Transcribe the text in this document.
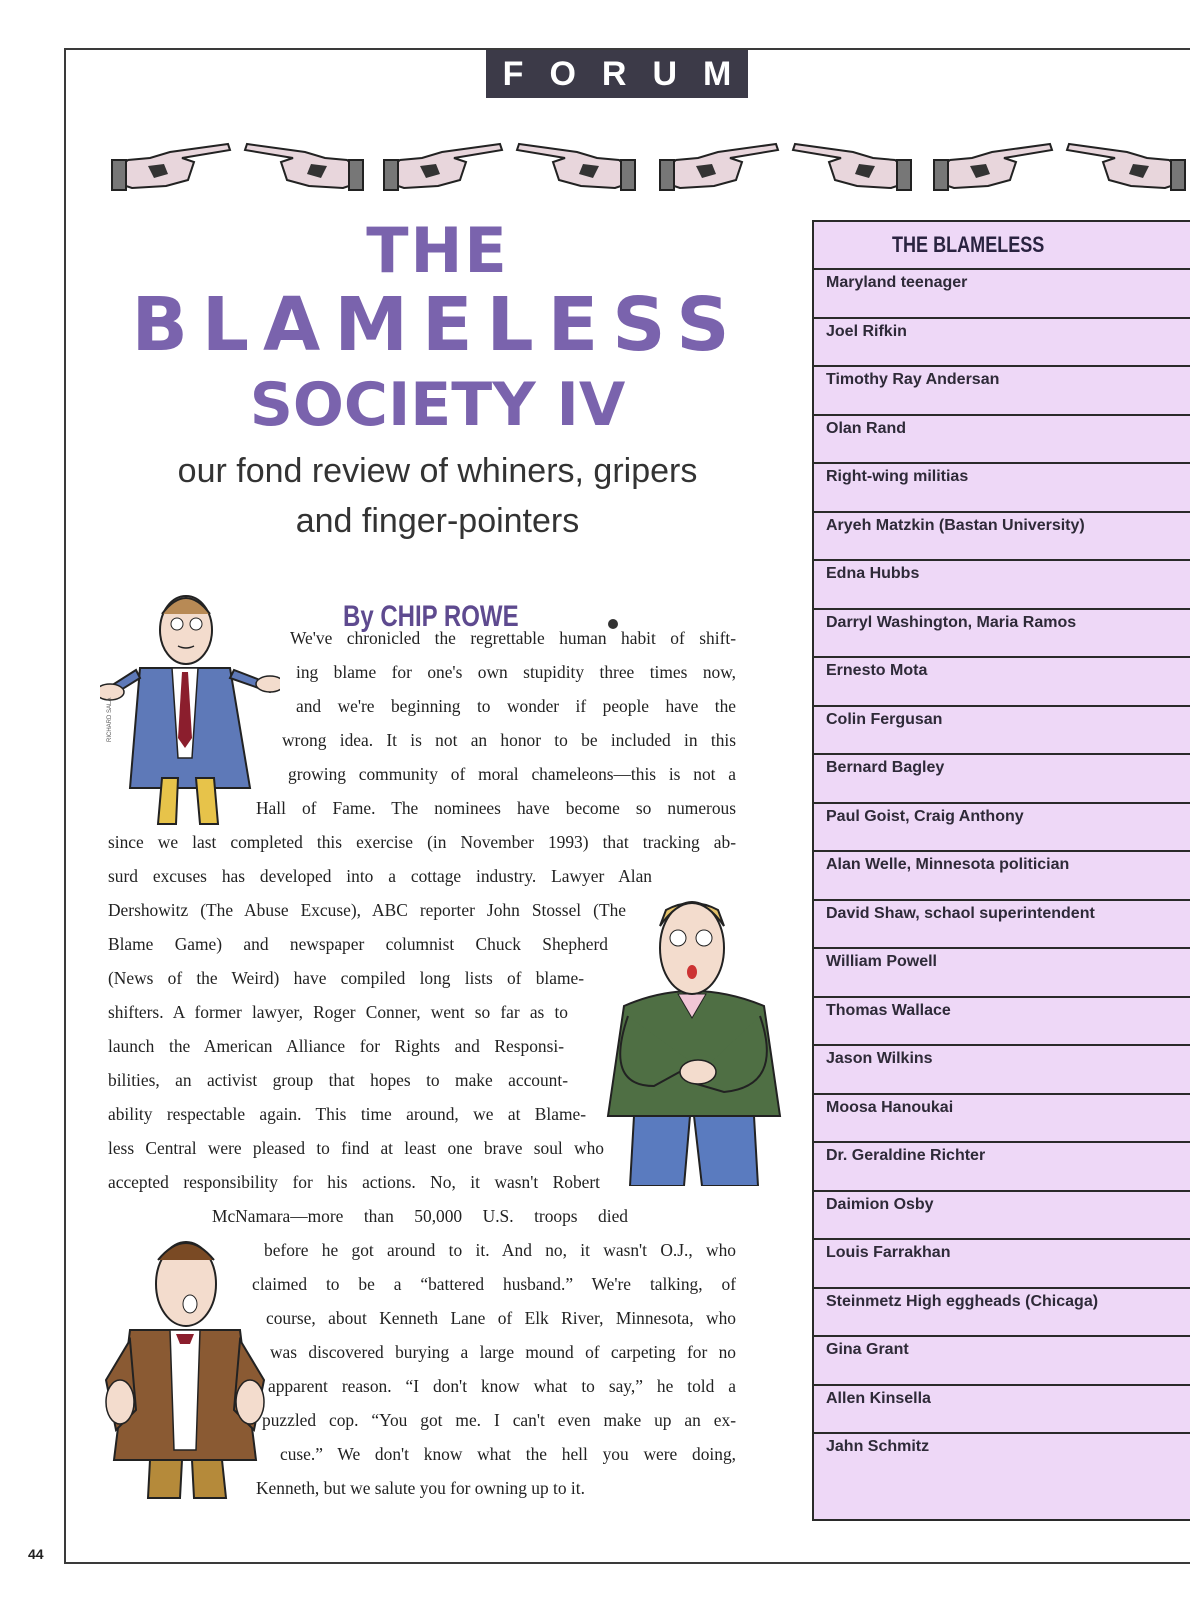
44
FORUM
THE
BLAMELESS
SOCIETY IV
our fond review of whiners, gripers
and finger-pointers
By CHIP ROWE
RICHARD SALA
We've chronicled the regrettable human habit of shift-
ing blame for one's own stupidity three times now,
and we're beginning to wonder if people have the
wrong idea. It is not an honor to be included in this
growing community of moral chameleons—this is not a
Hall of Fame. The nominees have become so numerous
since we last completed this exercise (in November 1993) that tracking ab-
surd excuses has developed into a cottage industry. Lawyer Alan
Dershowitz (The Abuse Excuse), ABC reporter John Stossel (The
Blame Game) and newspaper columnist Chuck Shepherd
(News of the Weird) have compiled long lists of blame-
shifters. A former lawyer, Roger Conner, went so far as to
launch the American Alliance for Rights and Responsi-
bilities, an activist group that hopes to make account-
ability respectable again. This time around, we at Blame-
less Central were pleased to find at least one brave soul who
accepted responsibility for his actions. No, it wasn't Robert
McNamara—more than 50,000 U.S. troops died
before he got around to it. And no, it wasn't O.J., who
claimed to be a “battered husband.” We're talking, of
course, about Kenneth Lane of Elk River, Minnesota, who
was discovered burying a large mound of carpeting for no
apparent reason. “I don't know what to say,” he told a
puzzled cop. “You got me. I can't even make up an ex-
cuse.” We don't know what the hell you were doing,
Kenneth, but we salute you for owning up to it.
THE BLAMELESS
Maryland teenager
Joel Rifkin
Timothy Ray Andersan
Olan Rand
Right-wing militias
Aryeh Matzkin (Bastan University)
Edna Hubbs
Darryl Washington, Maria Ramos
Ernesto Mota
Colin Fergusan
Bernard Bagley
Paul Goist, Craig Anthony
Alan Welle, Minnesota politician
David Shaw, schaol superintendent
William Powell
Thomas Wallace
Jason Wilkins
Moosa Hanoukai
Dr. Geraldine Richter
Daimion Osby
Louis Farrakhan
Steinmetz High eggheads (Chicaga)
Gina Grant
Allen Kinsella
Jahn Schmitz
